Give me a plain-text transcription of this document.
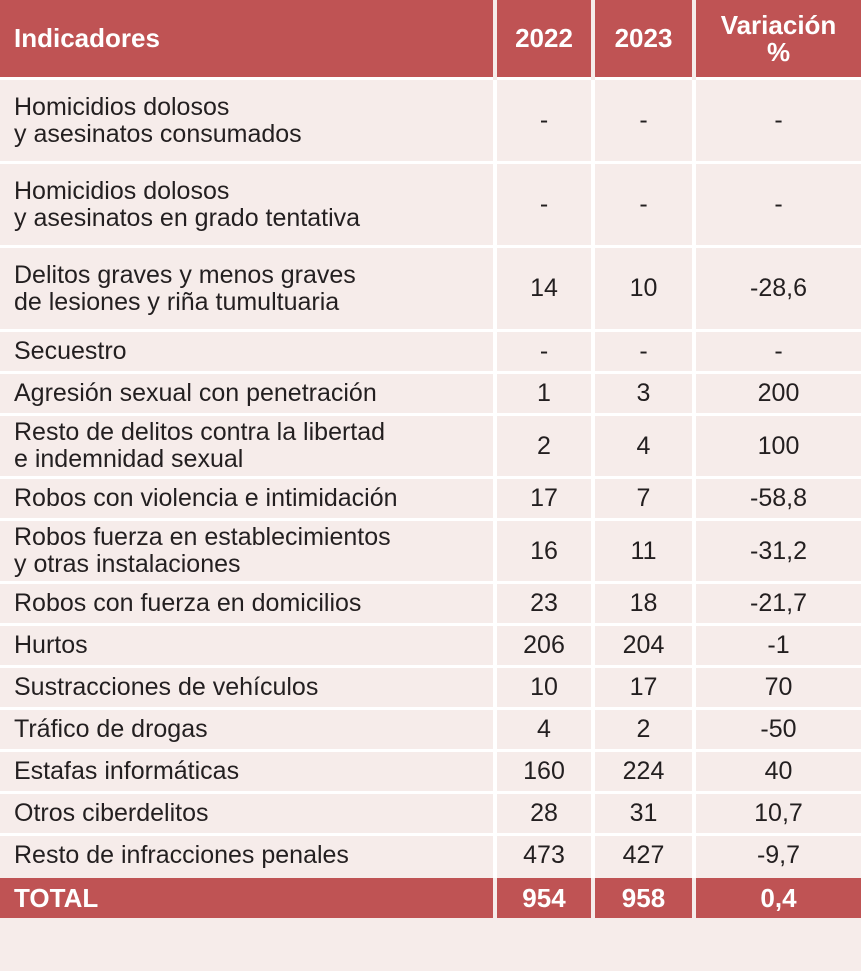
Indicadores	2022	2023	Variación
%
Homicidios dolosos
y asesinatos consumados	-	-	-
Homicidios dolosos
y asesinatos en grado tentativa	-	-	-
Delitos graves y menos graves
de lesiones y riña tumultuaria	14	10	-28,6
Secuestro	-	-	-
Agresión sexual con penetración	1	3	200
Resto de delitos contra la libertad
e indemnidad sexual	2	4	100
Robos con violencia e intimidación	17	7	-58,8
Robos fuerza en establecimientos
y otras instalaciones	16	11	-31,2
Robos con fuerza en domicilios	23	18	-21,7
Hurtos	206	204	-1
Sustracciones de vehículos	10	17	70
Tráfico de drogas	4	2	-50
Estafas informáticas	160	224	40
Otros ciberdelitos	28	31	10,7
Resto de infracciones penales	473	427	-9,7
TOTAL	954	958	0,4
